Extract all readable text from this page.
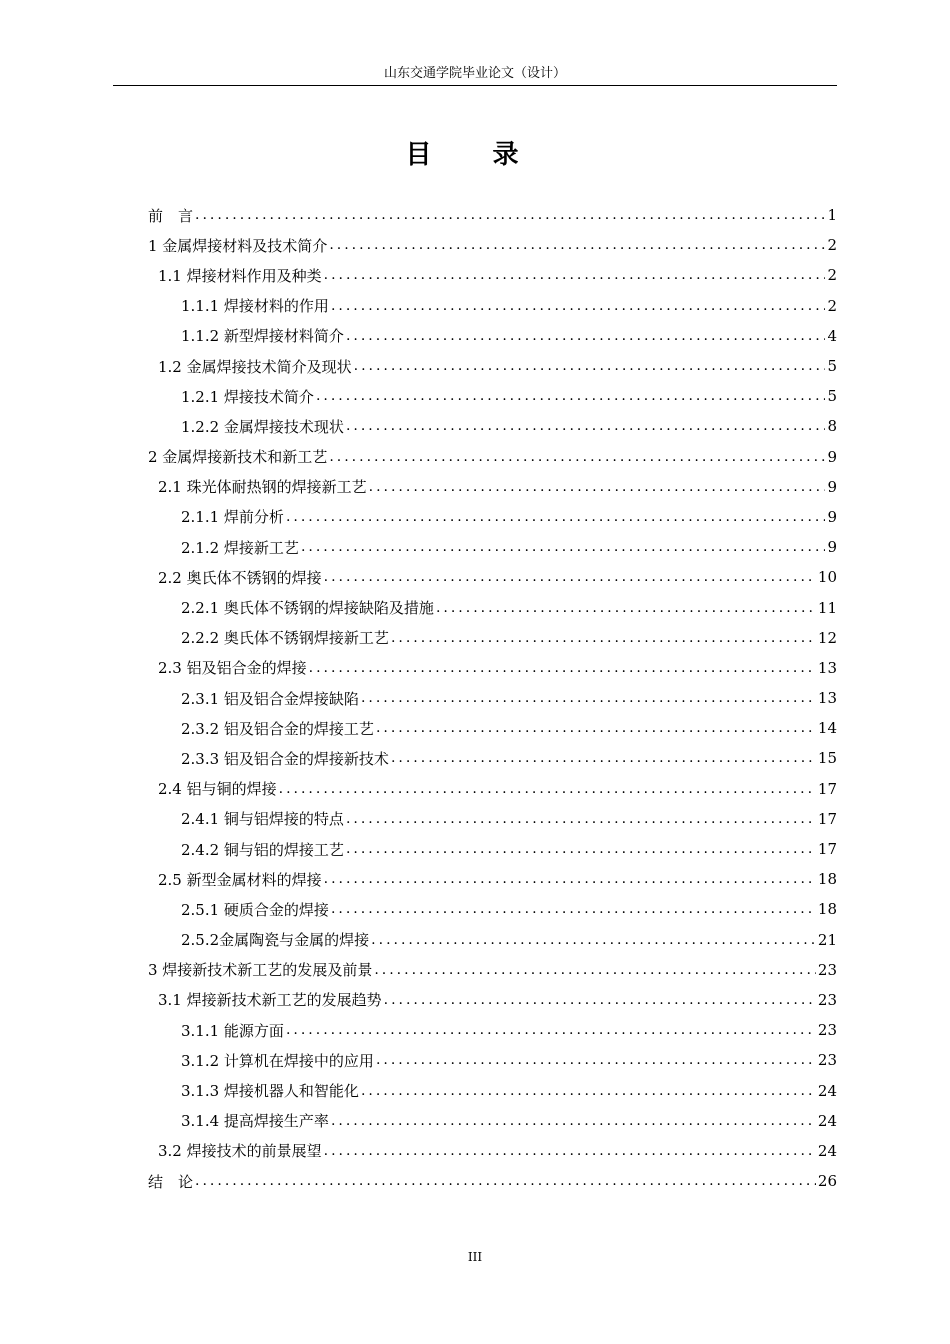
山东交通学院毕业论文（设计）
目 录
前　言 .....	1
1 金属焊接材料及技术简介 .....	2
1.1 焊接材料作用及种类 .....	2
1.1.1 焊接材料的作用 .....	2
1.1.2 新型焊接材料简介 .....	4
1.2 金属焊接技术简介及现状 .....	5
1.2.1 焊接技术简介 .....	5
1.2.2 金属焊接技术现状 .....	8
2 金属焊接新技术和新工艺 .....	9
2.1 珠光体耐热钢的焊接新工艺 .....	9
2.1.1 焊前分析 .....	9
2.1.2 焊接新工艺 .....	9
2.2 奥氏体不锈钢的焊接 .....	10
2.2.1 奥氏体不锈钢的焊接缺陷及措施 .....	11
2.2.2 奥氏体不锈钢焊接新工艺 .....	12
2.3 铝及铝合金的焊接 .....	13
2.3.1 铝及铝合金焊接缺陷 .....	13
2.3.2 铝及铝合金的焊接工艺 .....	14
2.3.3 铝及铝合金的焊接新技术 .....	15
2.4 铝与铜的焊接 .....	17
2.4.1 铜与铝焊接的特点 .....	17
2.4.2 铜与铝的焊接工艺 .....	17
2.5 新型金属材料的焊接 .....	18
2.5.1 硬质合金的焊接 .....	18
2.5.2金属陶瓷与金属的焊接 .....	21
3 焊接新技术新工艺的发展及前景 .....	23
3.1 焊接新技术新工艺的发展趋势 .....	23
3.1.1 能源方面 .....	23
3.1.2 计算机在焊接中的应用 .....	23
3.1.3 焊接机器人和智能化 .....	24
3.1.4 提高焊接生产率 .....	24
3.2 焊接技术的前景展望 .....	24
结　论 .....	26
III
